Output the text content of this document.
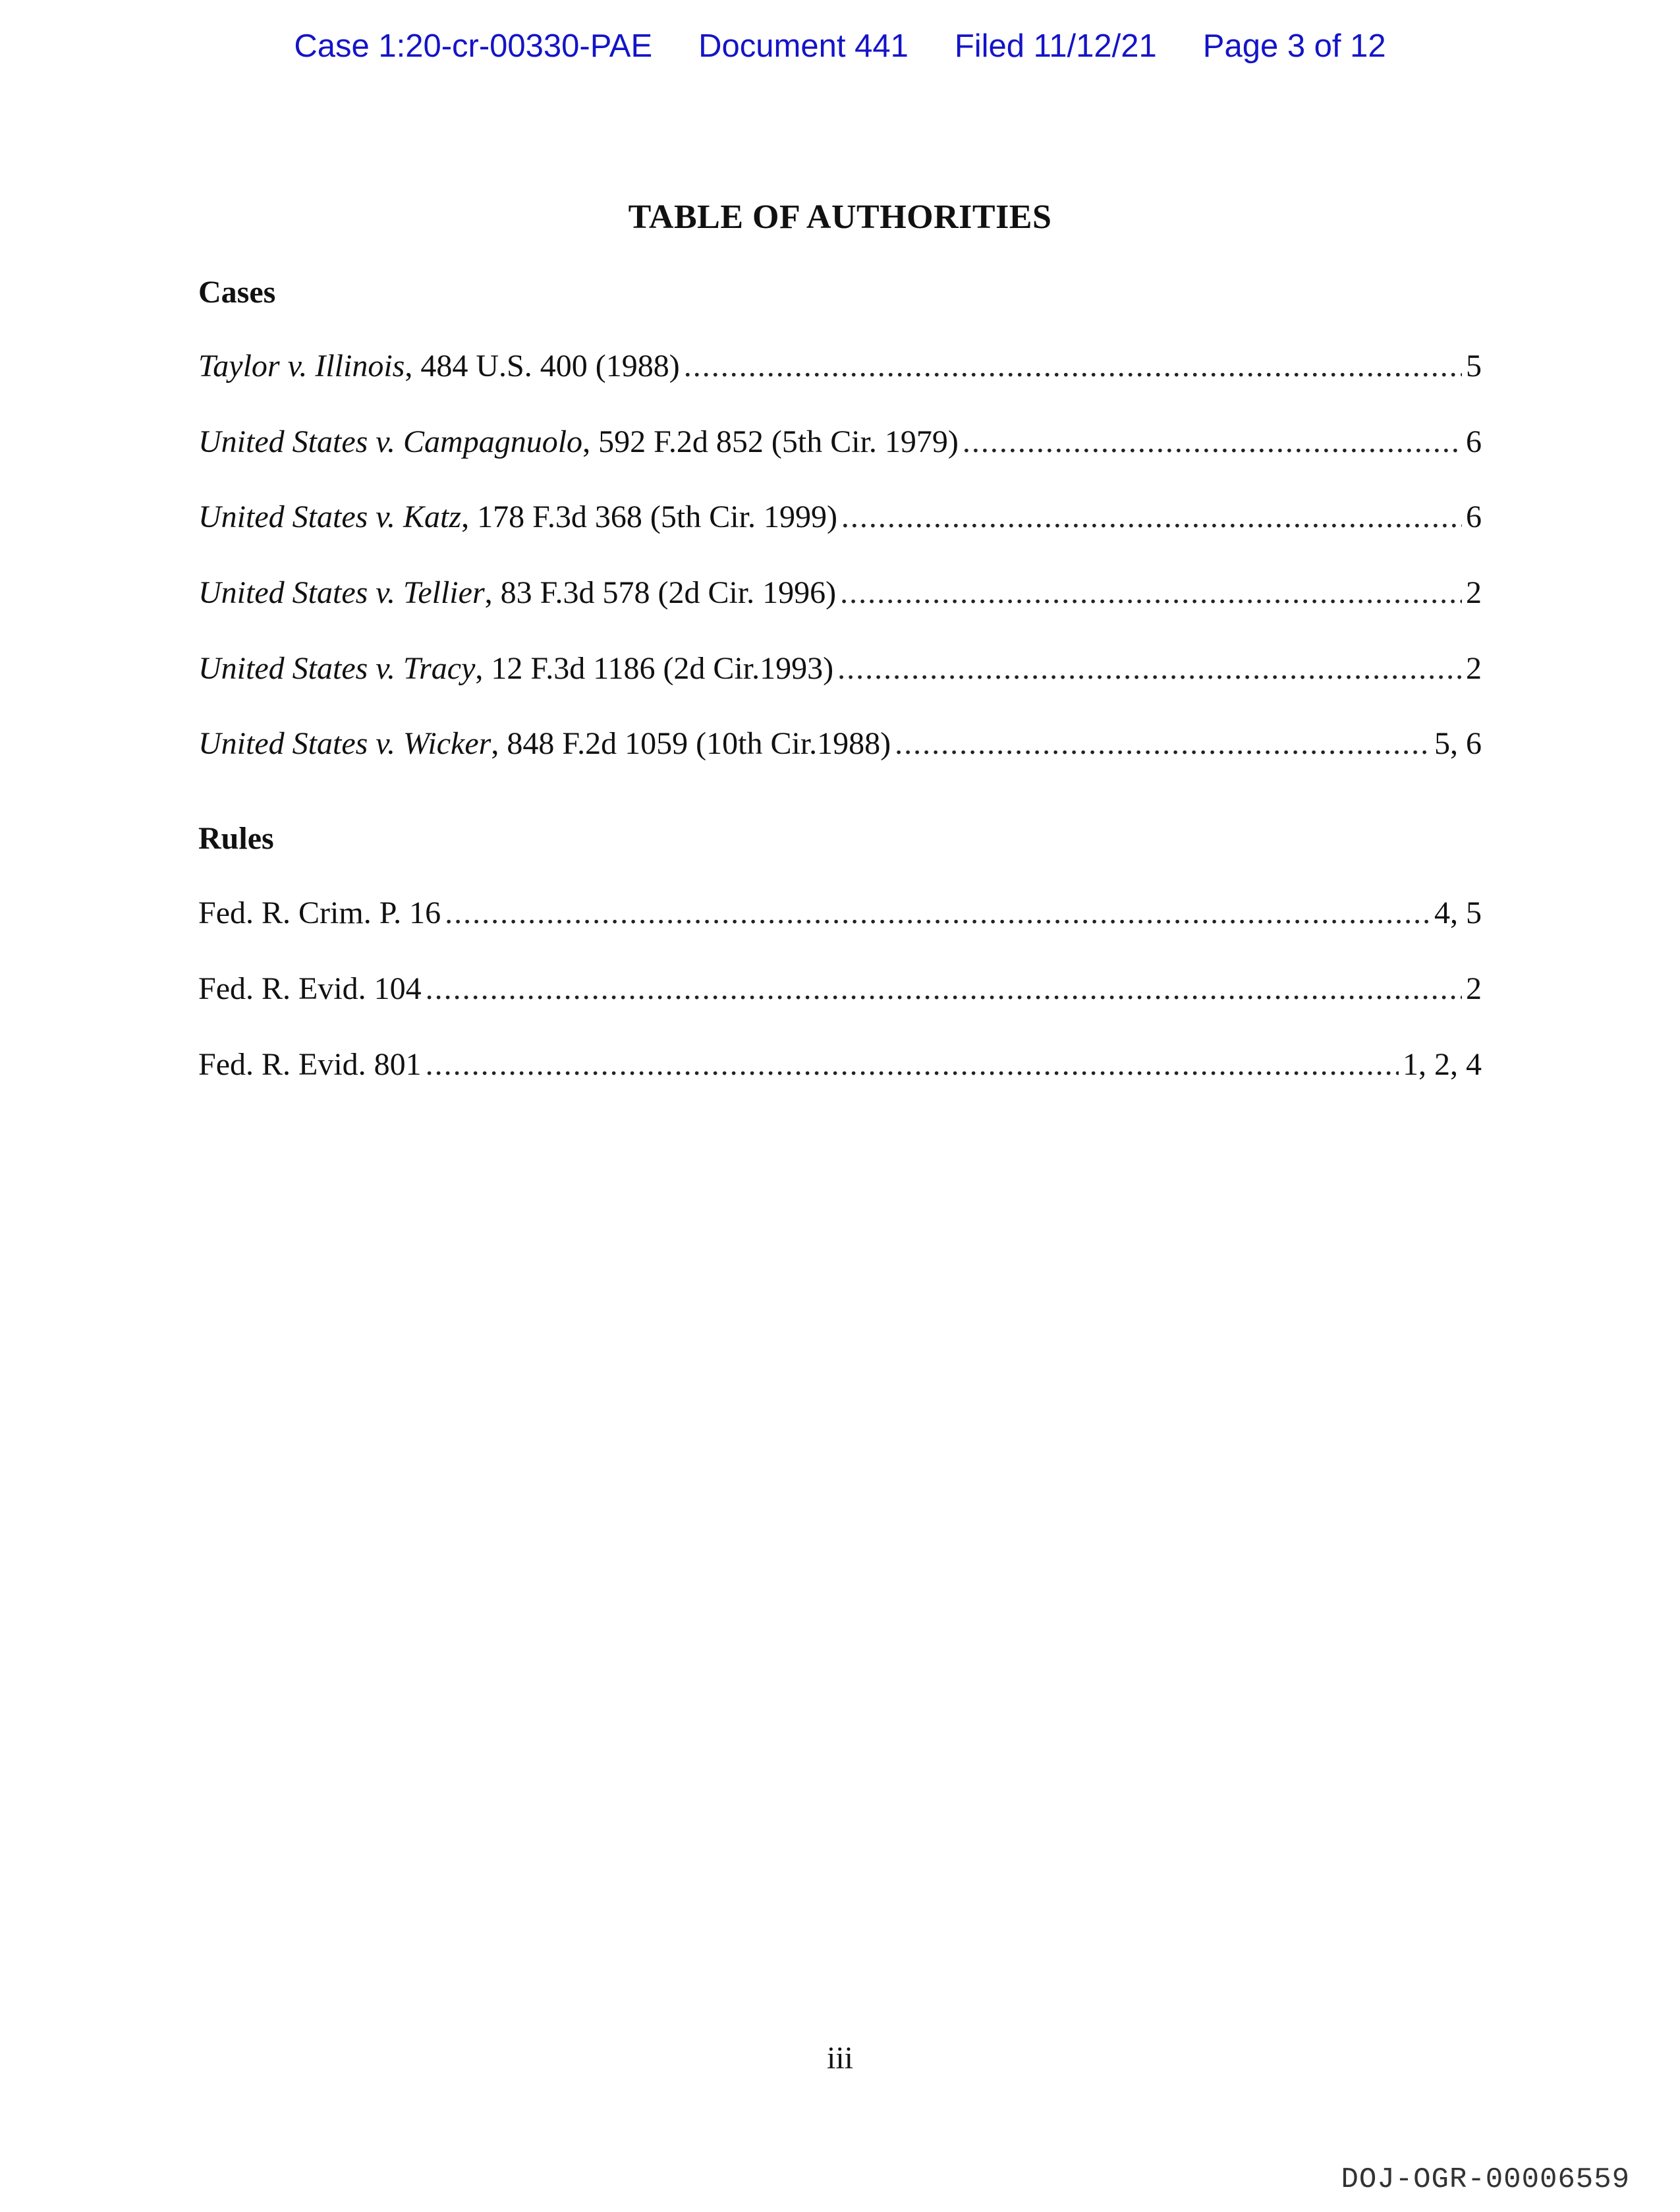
Case 1:20-cr-00330-PAE Document 441 Filed 11/12/21 Page 3 of 12
TABLE OF AUTHORITIES
Cases
Taylor v. Illinois, 484 U.S. 400 (1988) .....	5
United States v. Campagnuolo, 592 F.2d 852 (5th Cir. 1979) .....	6
United States v. Katz, 178 F.3d 368 (5th Cir. 1999) .....	6
United States v. Tellier, 83 F.3d 578 (2d Cir. 1996) .....	2
United States v. Tracy, 12 F.3d 1186 (2d Cir.1993) .....	2
United States v. Wicker, 848 F.2d 1059 (10th Cir.1988) .....	5, 6
Rules
Fed. R. Crim. P. 16 .....	4, 5
Fed. R. Evid. 104 .....	2
Fed. R. Evid. 801 .....	1, 2, 4
iii
DOJ-OGR-00006559
